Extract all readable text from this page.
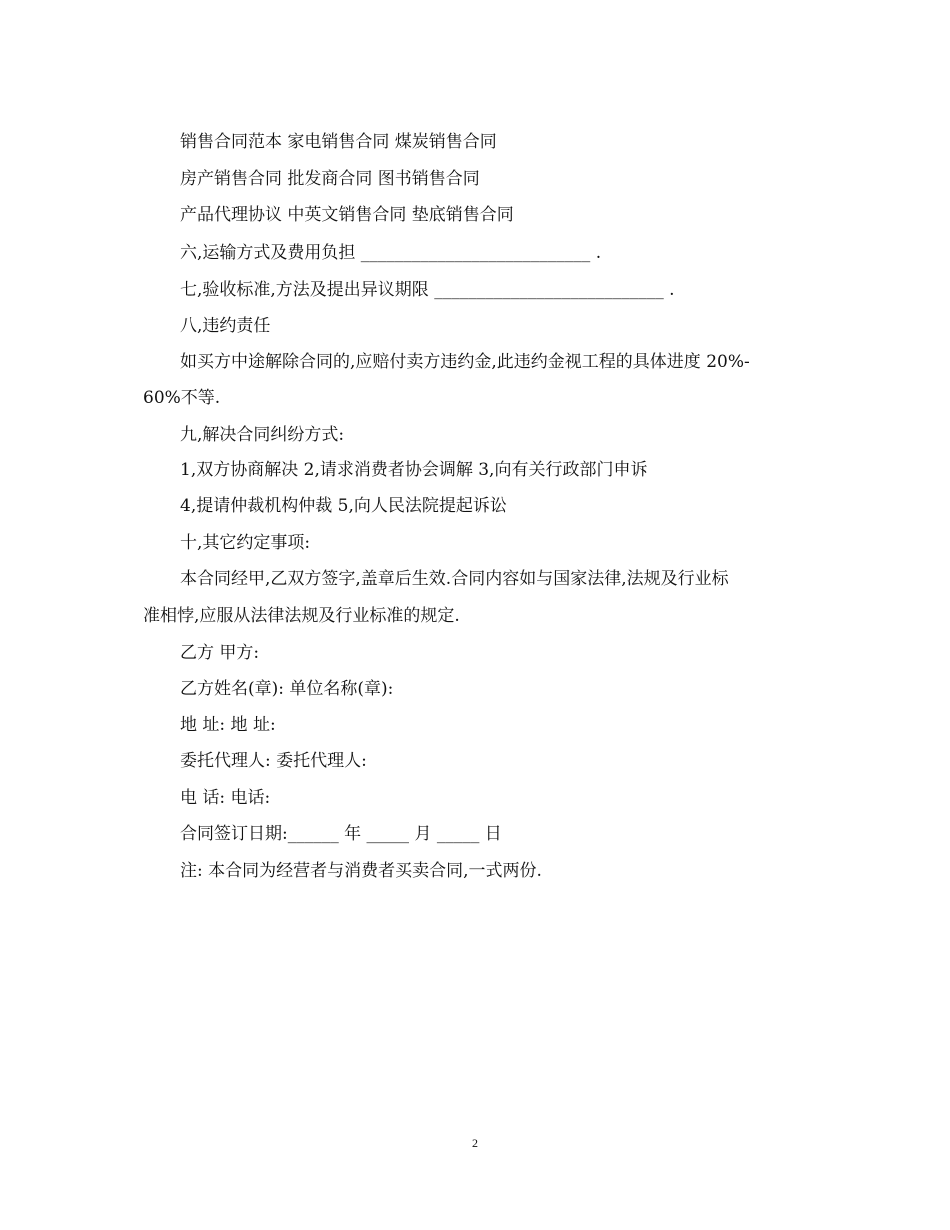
销售合同范本 家电销售合同 煤炭销售合同
房产销售合同 批发商合同 图书销售合同
产品代理协议 中英文销售合同 垫底销售合同
六,运输方式及费用负担 ___________________________ .
七,验收标准,方法及提出异议期限 ___________________________ .
八,违约责任
如买方中途解除合同的,应赔付卖方违约金,此违约金视工程的具体进度 20%-
60%不等.
九,解决合同纠纷方式:
1,双方协商解决 2,请求消费者协会调解 3,向有关行政部门申诉
4,提请仲裁机构仲裁 5,向人民法院提起诉讼
十,其它约定事项:
本合同经甲,乙双方签字,盖章后生效.合同内容如与国家法律,法规及行业标
准相悖,应服从法律法规及行业标准的规定.
乙方 甲方:
乙方姓名(章): 单位名称(章):
地 址: 地 址:
委托代理人: 委托代理人:
电 话: 电话:
合同签订日期:______ 年 _____ 月 _____ 日
注: 本合同为经营者与消费者买卖合同,一式两份.
2
